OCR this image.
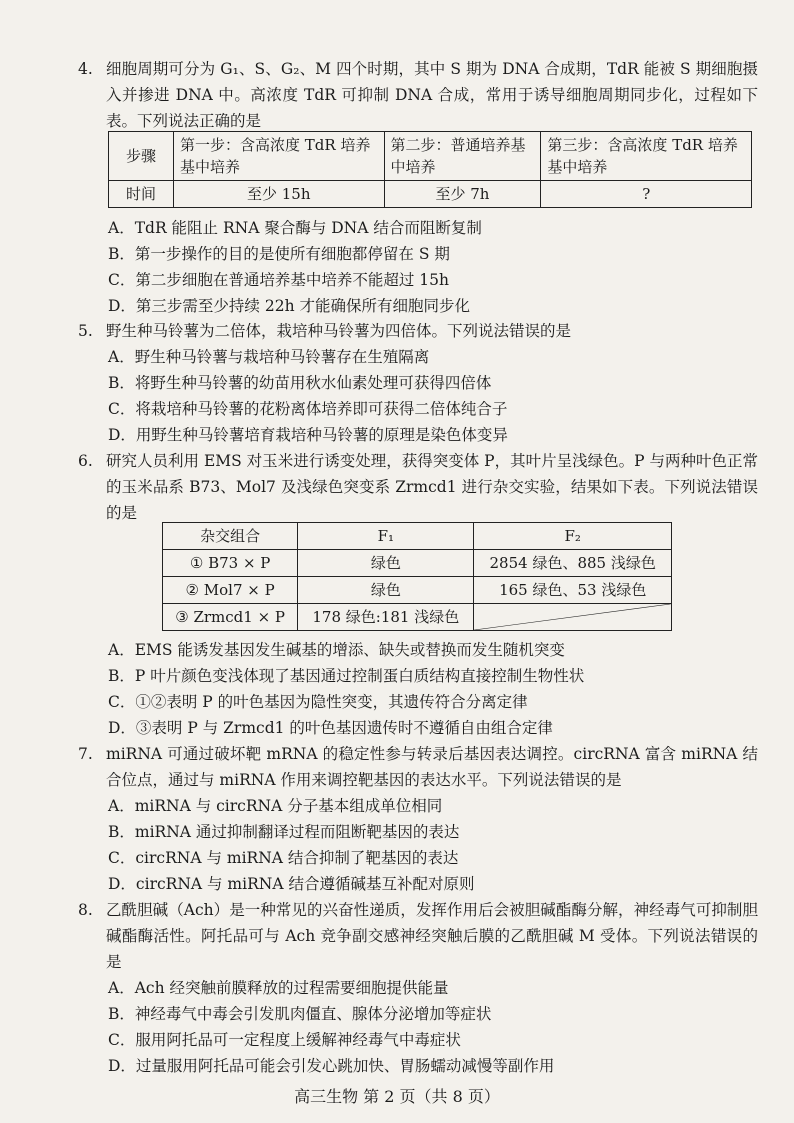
4. 细胞周期可分为 G₁、S、G₂、M 四个时期，其中 S 期为 DNA 合成期，TdR 能被 S 期细胞摄入并掺进 DNA 中。高浓度 TdR 可抑制 DNA 合成，常用于诱导细胞周期同步化，过程如下表。下列说法正确的是
步骤	第一步：含高浓度 TdR 培养基中培养	第二步：普通培养基中培养	第三步：含高浓度 TdR 培养基中培养
时间	至少 15h	至少 7h	?
A．TdR 能阻止 RNA 聚合酶与 DNA 结合而阻断复制
B．第一步操作的目的是使所有细胞都停留在 S 期
C．第二步细胞在普通培养基中培养不能超过 15h
D．第三步需至少持续 22h 才能确保所有细胞同步化
5. 野生种马铃薯为二倍体，栽培种马铃薯为四倍体。下列说法错误的是
A．野生种马铃薯与栽培种马铃薯存在生殖隔离
B．将野生种马铃薯的幼苗用秋水仙素处理可获得四倍体
C．将栽培种马铃薯的花粉离体培养即可获得二倍体纯合子
D．用野生种马铃薯培育栽培种马铃薯的原理是染色体变异
6. 研究人员利用 EMS 对玉米进行诱变处理，获得突变体 P，其叶片呈浅绿色。P 与两种叶色正常的玉米品系 B73、Mol7 及浅绿色突变系 Zrmcd1 进行杂交实验，结果如下表。下列说法错误的是
杂交组合	F₁	F₂
① B73 × P	绿色	2854 绿色、885 浅绿色
② Mol7 × P	绿色	165 绿色、53 浅绿色
③ Zrmcd1 × P	178 绿色:181 浅绿色	
A．EMS 能诱发基因发生碱基的增添、缺失或替换而发生随机突变
B．P 叶片颜色变浅体现了基因通过控制蛋白质结构直接控制生物性状
C．①②表明 P 的叶色基因为隐性突变，其遗传符合分离定律
D．③表明 P 与 Zrmcd1 的叶色基因遗传时不遵循自由组合定律
7. miRNA 可通过破坏靶 mRNA 的稳定性参与转录后基因表达调控。circRNA 富含 miRNA 结合位点，通过与 miRNA 作用来调控靶基因的表达水平。下列说法错误的是
A．miRNA 与 circRNA 分子基本组成单位相同
B．miRNA 通过抑制翻译过程而阻断靶基因的表达
C．circRNA 与 miRNA 结合抑制了靶基因的表达
D．circRNA 与 miRNA 结合遵循碱基互补配对原则
8. 乙酰胆碱（Ach）是一种常见的兴奋性递质，发挥作用后会被胆碱酯酶分解，神经毒气可抑制胆碱酯酶活性。阿托品可与 Ach 竞争副交感神经突触后膜的乙酰胆碱 M 受体。下列说法错误的是
A．Ach 经突触前膜释放的过程需要细胞提供能量
B．神经毒气中毒会引发肌肉僵直、腺体分泌增加等症状
C．服用阿托品可一定程度上缓解神经毒气中毒症状
D．过量服用阿托品可能会引发心跳加快、胃肠蠕动减慢等副作用
高三生物 第 2 页（共 8 页）
